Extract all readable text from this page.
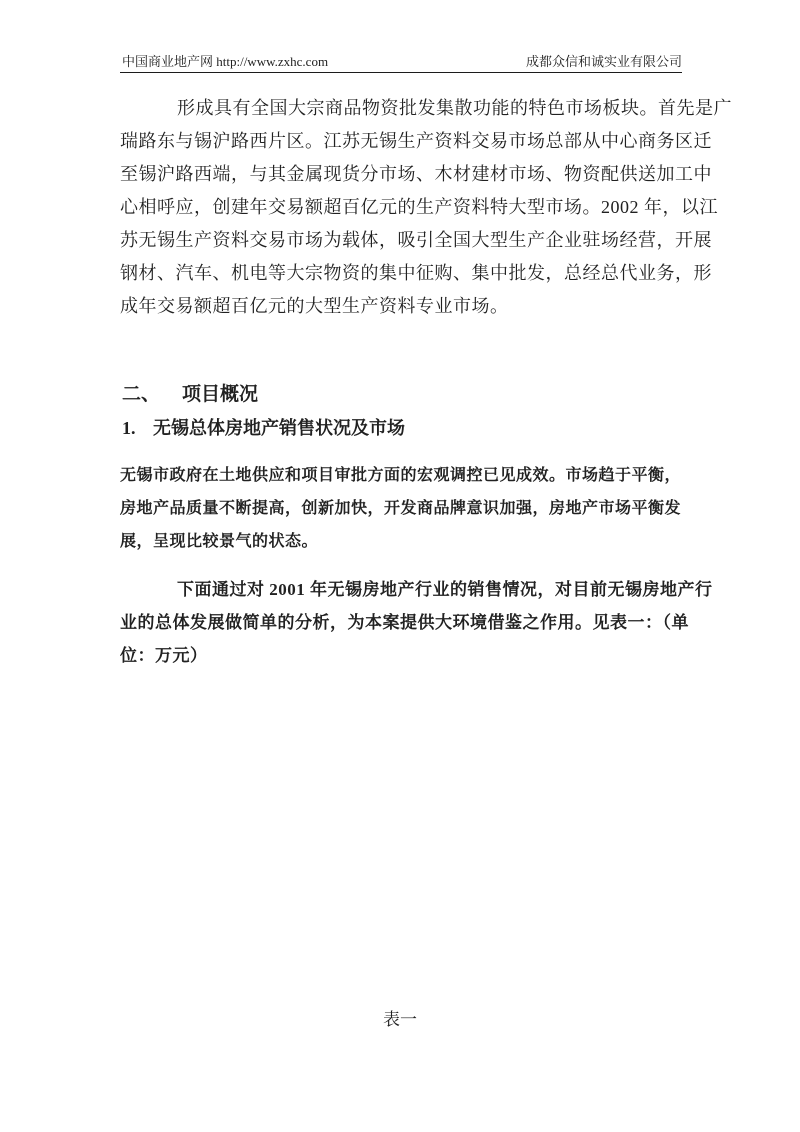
中国商业地产网 http://www.zxhc.com	成都众信和诚实业有限公司
形成具有全国大宗商品物资批发集散功能的特色市场板块。首先是广
瑞路东与锡沪路西片区。江苏无锡生产资料交易市场总部从中心商务区迁
至锡沪路西端，与其金属现货分市场、木材建材市场、物资配供送加工中
心相呼应，创建年交易额超百亿元的生产资料特大型市场。2002 年，以江
苏无锡生产资料交易市场为载体，吸引全国大型生产企业驻场经营，开展
钢材、汽车、机电等大宗物资的集中征购、集中批发，总经总代业务，形
成年交易额超百亿元的大型生产资料专业市场。
二、 项目概况
1. 无锡总体房地产销售状况及市场
无锡市政府在土地供应和项目审批方面的宏观调控已见成效。市场趋于平衡，
房地产品质量不断提高，创新加快，开发商品牌意识加强，房地产市场平衡发
展，呈现比较景气的状态。
下面通过对 2001 年无锡房地产行业的销售情况，对目前无锡房地产行
业的总体发展做简单的分析，为本案提供大环境借鉴之作用。见表一：（单
位：万元）
表一
